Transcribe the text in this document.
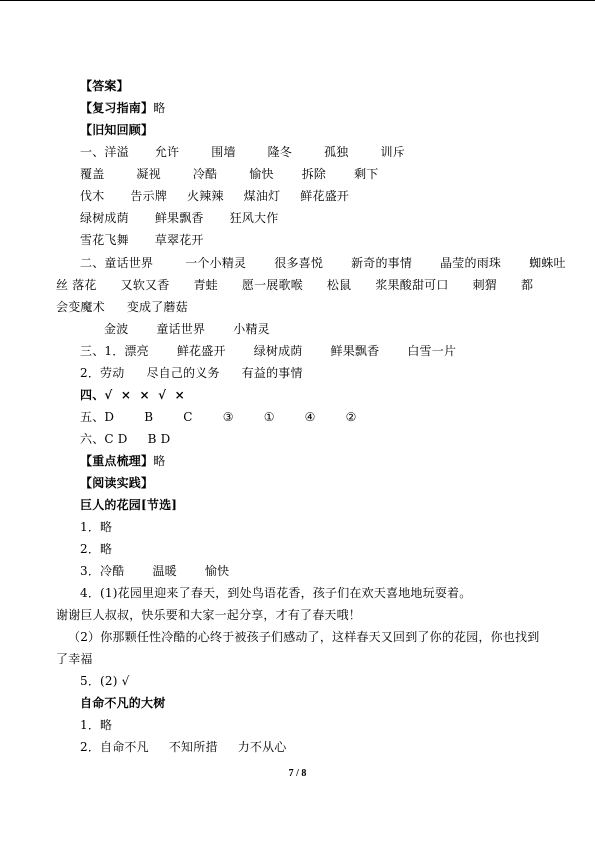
【答案】
【复习指南】略
【旧知回顾】
一、洋溢 允许	围墙	隆冬	孤独	训斥
覆盖	凝视	冷酷	愉快 拆除 剩下
伐木 告示牌 火辣辣 煤油灯 鲜花盛开
绿树成荫 鲜果飘香 狂风大作
雪花飞舞 草翠花开
二、童话世界	一个小精灵 很多喜悦 新奇的事情 晶莹的雨珠 蜘蛛吐
丝 落花 又软又香 青蛙 愿一展歌喉 松鼠 浆果酸甜可口 刺猬 都
会变魔术 变成了蘑菇
金波 童话世界 小精灵
三、1．漂亮 鲜花盛开 绿树成荫 鲜果飘香 白雪一片
2．劳动 尽自己的义务 有益的事情
四、√ × × √ ×
五、D	B	C	③	①	④	②
六、C D B D
【重点梳理】略
【阅读实践】
巨人的花园[节选]
1．略
2．略
3．冷酷 温暖 愉快
4．(1)花园里迎来了春天，到处鸟语花香，孩子们在欢天喜地地玩耍着。
谢谢巨人叔叔，快乐要和大家一起分享，才有了春天哦！
（2）你那颗任性冷酷的心终于被孩子们感动了，这样春天又回到了你的花园，你也找到
了幸福
5．(2) √
自命不凡的大树
1．略
2．自命不凡 不知所措 力不从心
7 / 8
